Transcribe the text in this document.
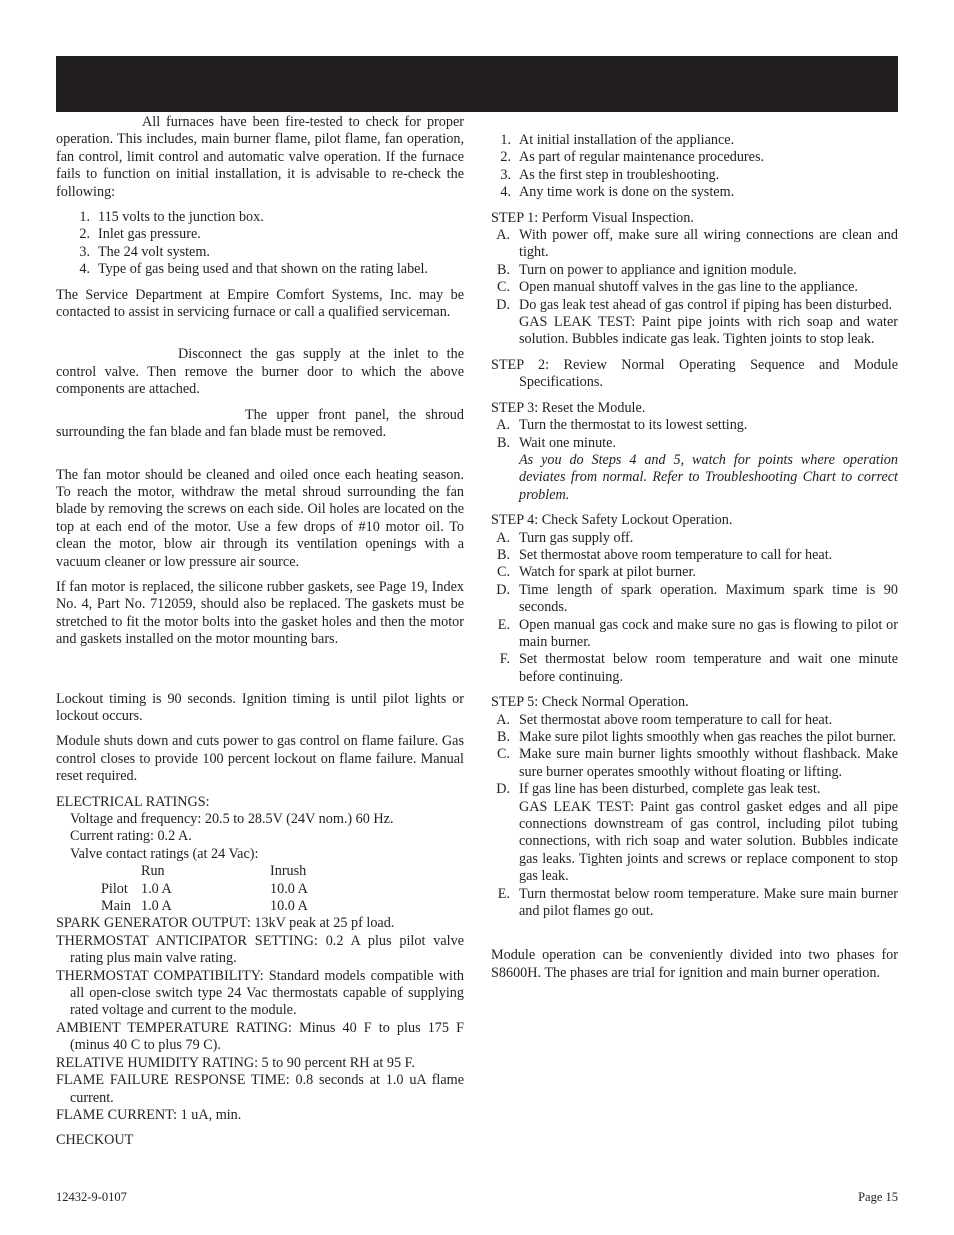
All furnaces have been fire-tested to check for proper operation. This includes, main burner flame, pilot flame, fan operation, fan control, limit control and automatic valve operation. If the furnace fails to function on initial installation, it is advisable to re-check the following:

1. 115 volts to the junction box.
2. Inlet gas pressure.
3. The 24 volt system.
4. Type of gas being used and that shown on the rating label.

The Service Department at Empire Comfort Systems, Inc. may be contacted to assist in servicing furnace or call a qualified serviceman.

Disconnect the gas supply at the inlet to the control valve. Then remove the burner door to which the above components are attached.

The upper front panel, the shroud surrounding the fan blade and fan blade must be removed.

The fan motor should be cleaned and oiled once each heating season. To reach the motor, withdraw the metal shroud surrounding the fan blade by removing the screws on each side. Oil holes are located on the top at each end of the motor. Use a few drops of #10 motor oil. To clean the motor, blow air through its ventilation openings with a vacuum cleaner or low pressure air source.

If fan motor is replaced, the silicone rubber gaskets, see Page 19, Index No. 4, Part No. 712059, should also be replaced. The gaskets must be stretched to fit the motor bolts into the gasket holes and then the motor and gaskets installed on the motor mounting bars.

Lockout timing is 90 seconds. Ignition timing is until pilot lights or lockout occurs.

Module shuts down and cuts power to gas control on flame failure. Gas control closes to provide 100 percent lockout on flame failure. Manual reset required.

ELECTRICAL RATINGS:
Voltage and frequency: 20.5 to 28.5V (24V nom.) 60 Hz.
Current rating: 0.2 A.
Valve contact ratings (at 24 Vac):
Run	Inrush
Pilot 1.0 A	10.0 A
Main 1.0 A	10.0 A
SPARK GENERATOR OUTPUT: 13kV peak at 25 pf load.
THERMOSTAT ANTICIPATOR SETTING: 0.2 A plus pilot valve rating plus main valve rating.
THERMOSTAT COMPATIBILITY: Standard models compatible with all open-close switch type 24 Vac thermostats capable of supplying rated voltage and current to the module.
AMBIENT TEMPERATURE RATING: Minus 40 F to plus 175 F (minus 40 C to plus 79 C).
RELATIVE HUMIDITY RATING: 5 to 90 percent RH at 95 F.
FLAME FAILURE RESPONSE TIME: 0.8 seconds at 1.0 uA flame current.
FLAME CURRENT: 1 uA, min.
CHECKOUT
1. At initial installation of the appliance.
2. As part of regular maintenance procedures.
3. As the first step in troubleshooting.
4. Any time work is done on the system.
STEP 1: Perform Visual Inspection.
A. With power off, make sure all wiring connections are clean and tight.
B. Turn on power to appliance and ignition module.
C. Open manual shutoff valves in the gas line to the appliance.
D. Do gas leak test ahead of gas control if piping has been disturbed.
GAS LEAK TEST: Paint pipe joints with rich soap and water solution. Bubbles indicate gas leak. Tighten joints to stop leak.
STEP 2: Review Normal Operating Sequence and Module Specifications.
STEP 3: Reset the Module.
A. Turn the thermostat to its lowest setting.
B. Wait one minute.
As you do Steps 4 and 5, watch for points where operation deviates from normal. Refer to Troubleshooting Chart to correct problem.
STEP 4: Check Safety Lockout Operation.
A. Turn gas supply off.
B. Set thermostat above room temperature to call for heat.
C. Watch for spark at pilot burner.
D. Time length of spark operation. Maximum spark time is 90 seconds.
E. Open manual gas cock and make sure no gas is flowing to pilot or main burner.
F. Set thermostat below room temperature and wait one minute before continuing.
STEP 5: Check Normal Operation.
A. Set thermostat above room temperature to call for heat.
B. Make sure pilot lights smoothly when gas reaches the pilot burner.
C. Make sure main burner lights smoothly without flashback. Make sure burner operates smoothly without floating or lifting.
D. If gas line has been disturbed, complete gas leak test.
GAS LEAK TEST: Paint gas control gasket edges and all pipe connections downstream of gas control, including pilot tubing connections, with rich soap and water solution. Bubbles indicate gas leaks. Tighten joints and screws or replace component to stop gas leak.
E. Turn thermostat below room temperature. Make sure main burner and pilot flames go out.

Module operation can be conveniently divided into two phases for S8600H. The phases are trial for ignition and main burner operation.

12432-9-0107	Page 15
